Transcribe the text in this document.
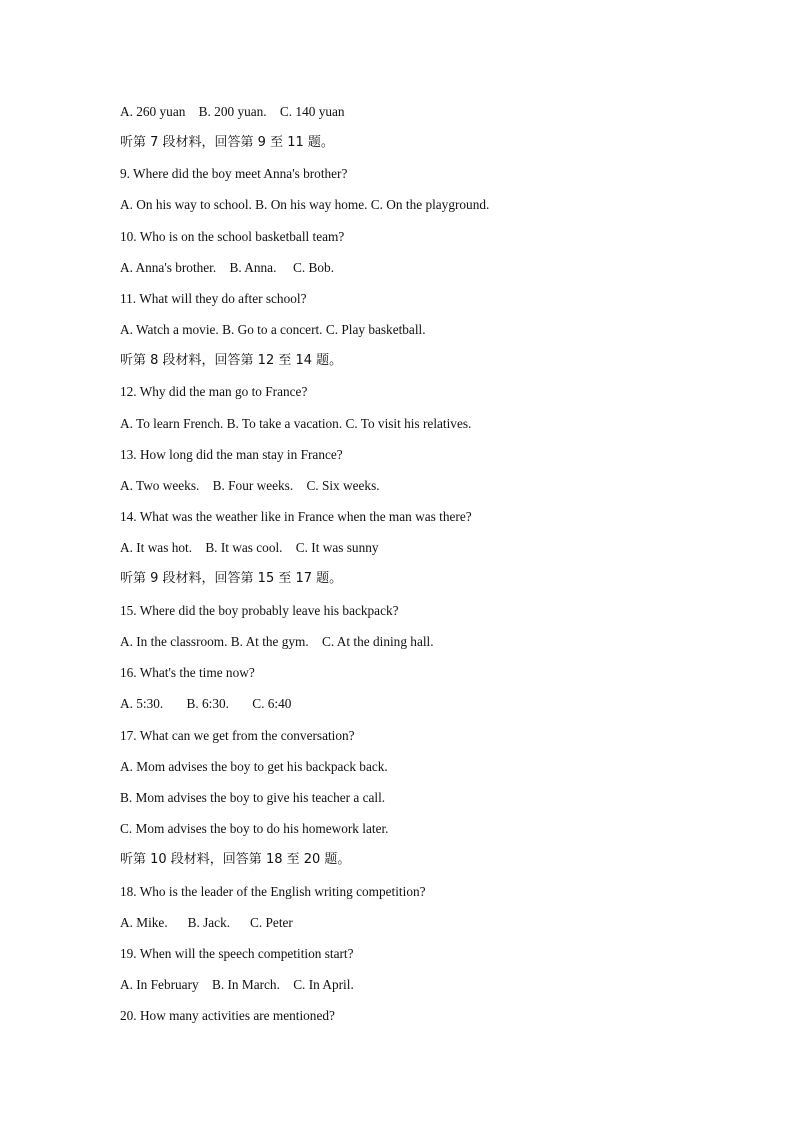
A. 260 yuan    B. 200 yuan.    C. 140 yuan
听第 7 段材料，回答第 9 至 11 题。
9. Where did the boy meet Anna's brother?
A. On his way to school. B. On his way home. C. On the playground.
10. Who is on the school basketball team?
A. Anna's brother.    B. Anna.     C. Bob.
11. What will they do after school?
A. Watch a movie. B. Go to a concert. C. Play basketball.
听第 8 段材料，回答第 12 至 14 题。
12. Why did the man go to France?
A. To learn French. B. To take a vacation. C. To visit his relatives.
13. How long did the man stay in France?
A. Two weeks.    B. Four weeks.    C. Six weeks.
14. What was the weather like in France when the man was there?
A. It was hot.    B. It was cool.    C. It was sunny
听第 9 段材料，回答第 15 至 17 题。
15. Where did the boy probably leave his backpack?
A. In the classroom. B. At the gym.    C. At the dining hall.
16. What's the time now?
A. 5:30.       B. 6:30.       C. 6:40
17. What can we get from the conversation?
A. Mom advises the boy to get his backpack back.
B. Mom advises the boy to give his teacher a call.
C. Mom advises the boy to do his homework later.
听第 10 段材料，回答第 18 至 20 题。
18. Who is the leader of the English writing competition?
A. Mike.      B. Jack.      C. Peter
19. When will the speech competition start?
A. In February    B. In March.    C. In April.
20. How many activities are mentioned?
